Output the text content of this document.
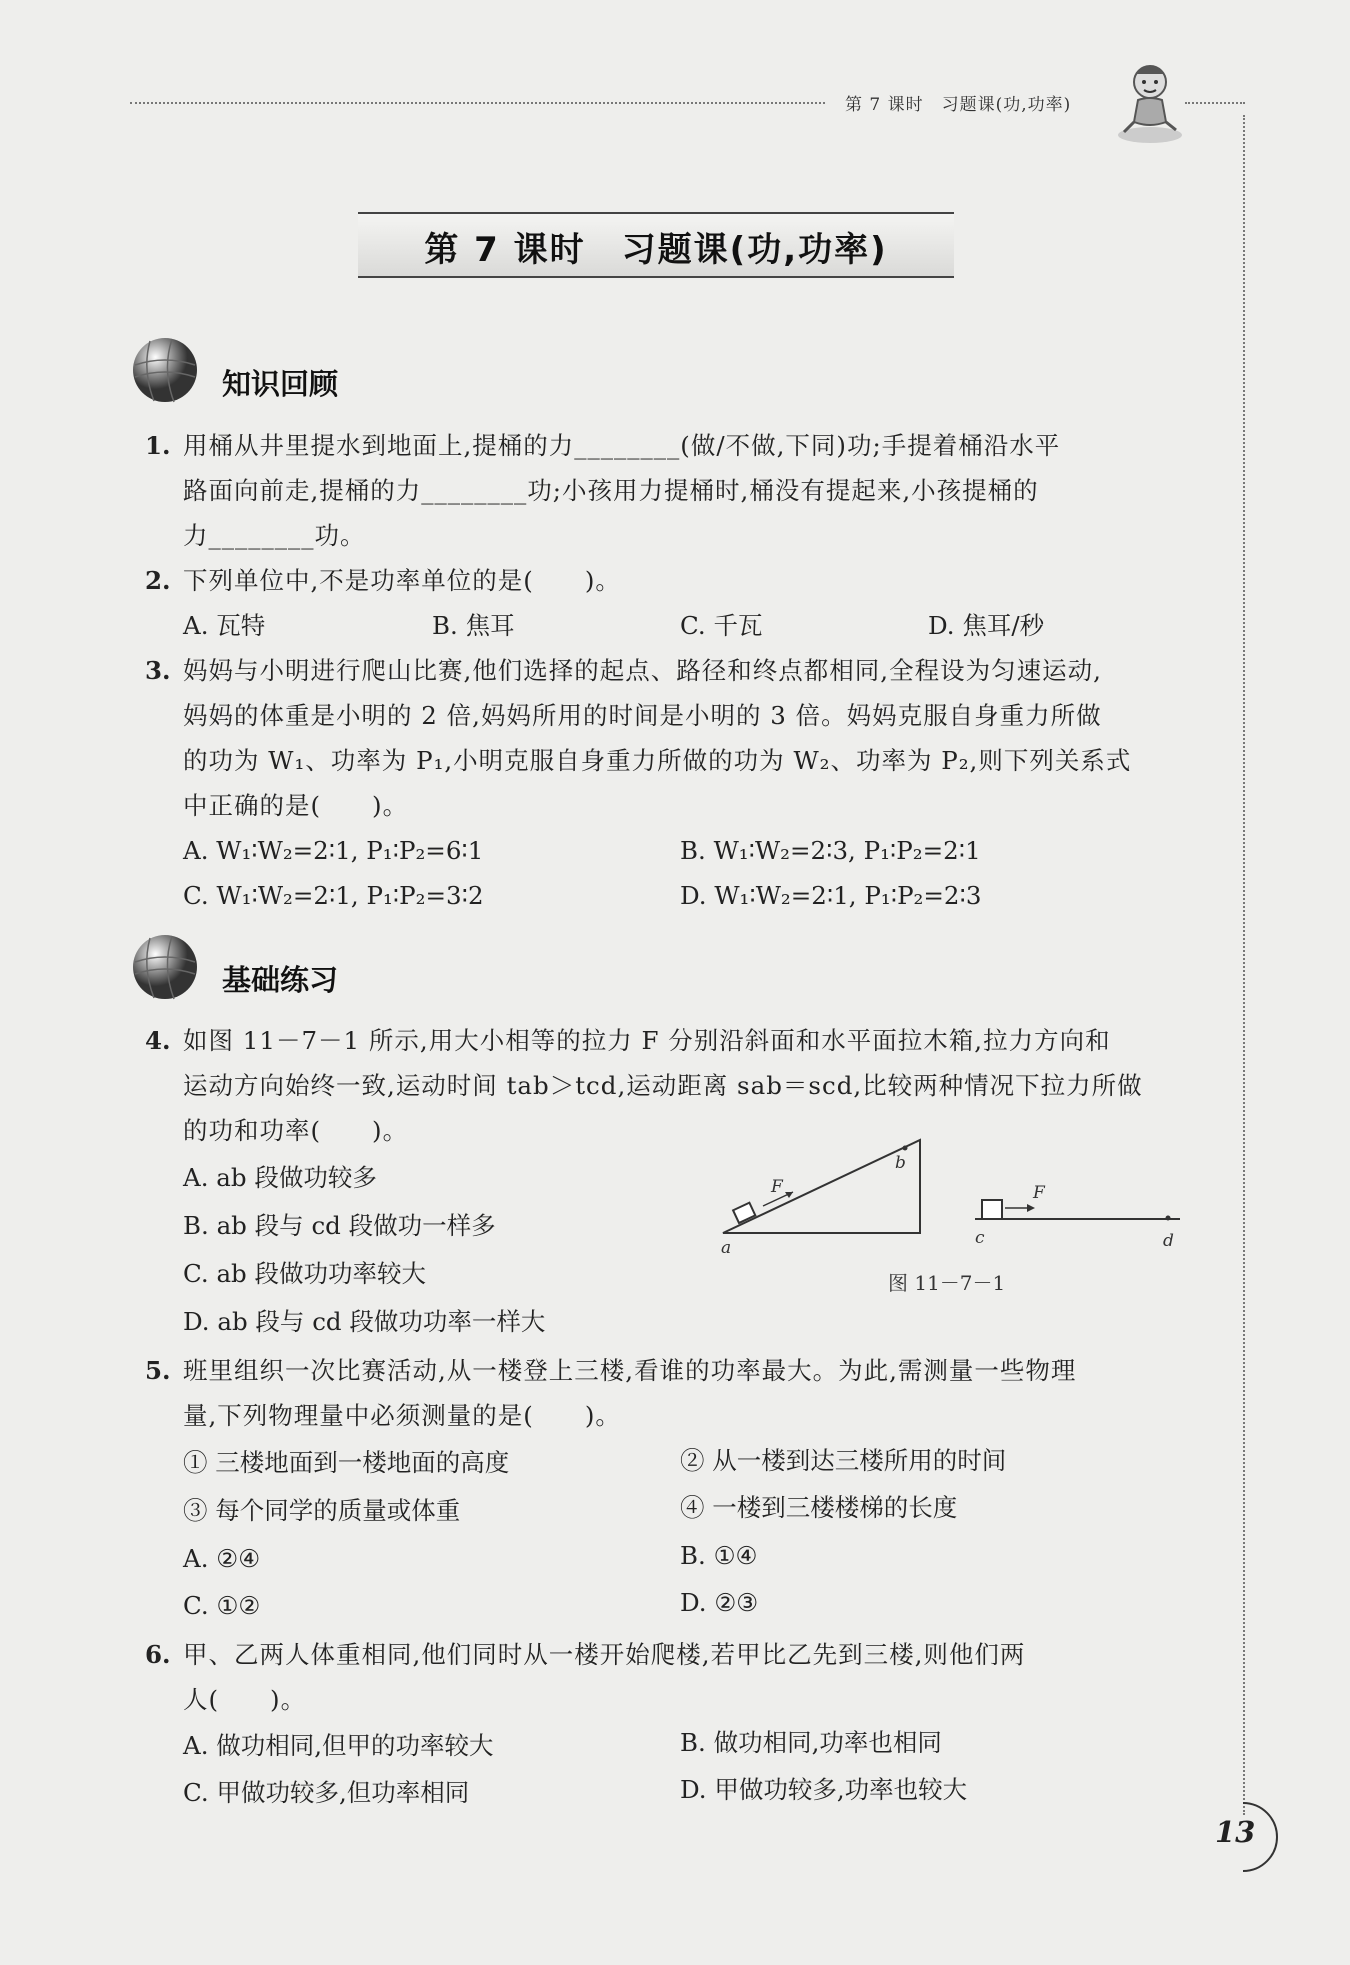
第 7 课时　习题课(功,功率)
第 7 课时　习题课(功,功率)
知识回顾
1. 用桶从井里提水到地面上,提桶的力________(做/不做,下同)功;手提着桶沿水平
路面向前走,提桶的力________功;小孩用力提桶时,桶没有提起来,小孩提桶的
力________功。
2. 下列单位中,不是功率单位的是(　　)。
A. 瓦特	B. 焦耳	C. 千瓦	D. 焦耳/秒
3. 妈妈与小明进行爬山比赛,他们选择的起点、路径和终点都相同,全程设为匀速运动,
妈妈的体重是小明的 2 倍,妈妈所用的时间是小明的 3 倍。妈妈克服自身重力所做
的功为 W₁、功率为 P₁,小明克服自身重力所做的功为 W₂、功率为 P₂,则下列关系式
中正确的是(　　)。
A. W₁∶W₂=2∶1, P₁∶P₂=6∶1	B. W₁∶W₂=2∶3, P₁∶P₂=2∶1
C. W₁∶W₂=2∶1, P₁∶P₂=3∶2	D. W₁∶W₂=2∶1, P₁∶P₂=2∶3
基础练习
4. 如图 11－7－1 所示,用大小相等的拉力 F 分别沿斜面和水平面拉木箱,拉力方向和
运动方向始终一致,运动时间 tab＞tcd,运动距离 sab＝scd,比较两种情况下拉力所做
的功和功率(　　)。
A. ab 段做功较多
B. ab 段与 cd 段做功一样多
C. ab 段做功功率较大
D. ab 段与 cd 段做功功率一样大
F
b
a
F
c	d
图 11－7－1
5. 班里组织一次比赛活动,从一楼登上三楼,看谁的功率最大。为此,需测量一些物理
量,下列物理量中必须测量的是(　　)。
① 三楼地面到一楼地面的高度	② 从一楼到达三楼所用的时间
③ 每个同学的质量或体重	④ 一楼到三楼楼梯的长度
A. ②④	B. ①④
C. ①②	D. ②③
6. 甲、乙两人体重相同,他们同时从一楼开始爬楼,若甲比乙先到三楼,则他们两
人(　　)。
A. 做功相同,但甲的功率较大	B. 做功相同,功率也相同
C. 甲做功较多,但功率相同	D. 甲做功较多,功率也较大
13
